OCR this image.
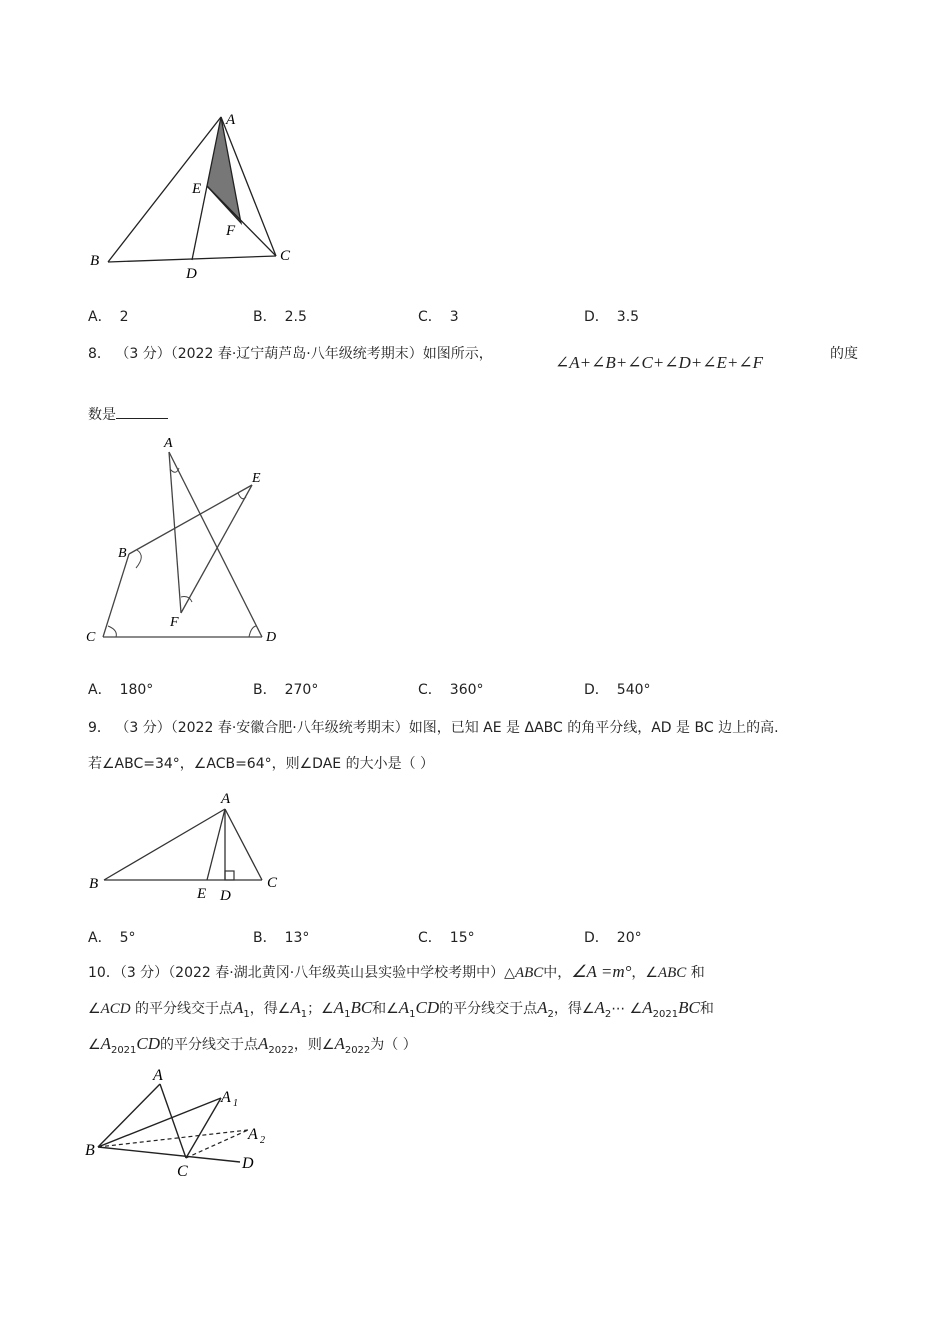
A
B	C
D
E
F
A． 2	B． 2.5	C． 3	D． 3.5
8． （3 分）（2022 春·辽宁葫芦岛·八年级统考期末）如图所示，	∠A+∠B+∠C+∠D+∠E+∠F	的度
数是
A
B
C	D
E
F
A． 180°	B． 270°	C． 360°	D． 540°
9． （3 分）（2022 春·安徽合肥·八年级统考期末）如图，已知 AE 是 ΔABC 的角平分线，AD 是 BC 边上的高.
若∠ABC=34°，∠ACB=64°，则∠DAE 的大小是（ ）
A
B	C
D
E
A． 5°	B． 13°	C． 15°	D． 20°
10．（3 分）（2022 春·湖北黄冈·八年级英山县实验中学校考期中）△ABC中，∠A =m°，∠ABC 和
∠ACD 的平分线交于点$A_1$，得$\angle A_1$；$\angle A_1BC$和$\angle A_1CD$的平分线交于点$A_2$，得$\angle A_2\cdots$ $\angle A_{2021}BC$和
$\angle A_{2021}CD$的平分线交于点$A_{2022}$，则$\angle A_{2022}$为（ ）
A
A 1
A 2
B
C	D
